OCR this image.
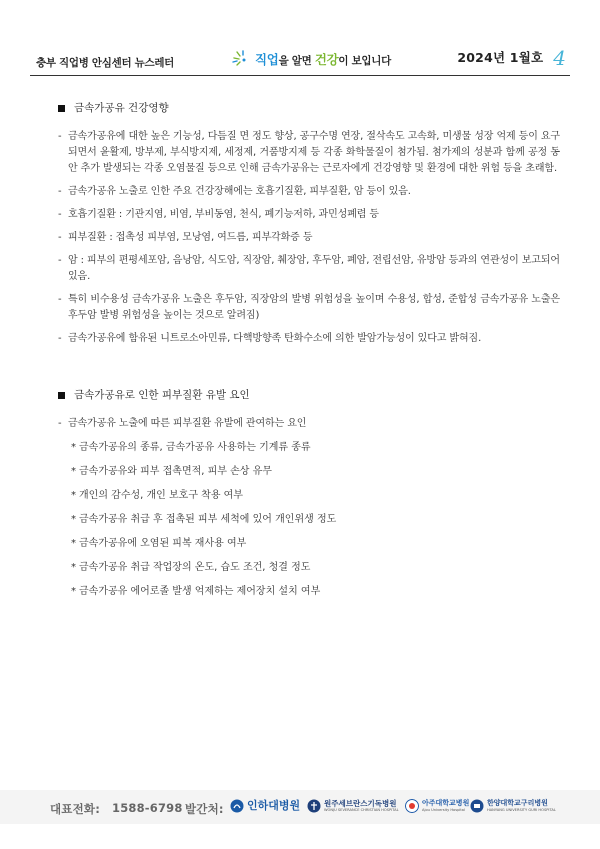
충부 직업병 안심센터 뉴스레터	직업을 알면 건강이 보입니다	2024년 1월호 4
금속가공유 건강영향
- 금속가공유에 대한 높은 기능성, 다듬질 면 정도 향상, 공구수명 연장, 절삭속도 고속화, 미생물 성장 억제 등이 요구되면서 윤활제, 방부제, 부식방지제, 세정제, 거품방지제 등 각종 화학물질이 첨가됨. 첨가제의 성분과 함께 공정 동안 추가 발생되는 각종 오염물질 등으로 인해 금속가공유는 근로자에게 건강영향 및 환경에 대한 위험 등을 초래함.
- 금속가공유 노출로 인한 주요 건강장해에는 호흡기질환, 피부질환, 암 등이 있음.
- 호흡기질환 : 기관지염, 비염, 부비동염, 천식, 폐기능저하, 과민성폐렴 등
- 피부질환 : 접촉성 피부염, 모낭염, 여드름, 피부각화증 등
- 암 : 피부의 편평세포암, 음낭암, 식도암, 직장암, 췌장암, 후두암, 폐암, 전립선암, 유방암 등과의 연관성이 보고되어 있음.
- 특히 비수용성 금속가공유 노출은 후두암, 직장암의 발병 위험성을 높이며 수용성, 합성, 준합성 금속가공유 노출은 후두암 발병 위험성을 높이는 것으로 알려짐)
- 금속가공유에 함유된 니트로소아민류, 다핵방향족 탄화수소에 의한 발암가능성이 있다고 밝혀짐.
금속가공유로 인한 피부질환 유발 요인
- 금속가공유 노출에 따른 피부질환 유발에 관여하는 요인
* 금속가공유의 종류, 금속가공유 사용하는 기계류 종류
* 금속가공유와 피부 접촉면적, 피부 손상 유무
* 개인의 감수성, 개인 보호구 착용 여부
* 금속가공유 취급 후 접촉된 피부 세척에 있어 개인위생 정도
* 금속가공유에 오염된 피복 재사용 여부
* 금속가공유 취급 작업장의 온도, 습도 조건, 청결 정도
* 금속가공유 에어로졸 발생 억제하는 제어장치 설치 여부
대표전화: 1588-6798 발간처: 인하대병원	원주세브란스기독병원
WONJU SEVERANCE CHRISTIAN HOSPITAL
아주대학교병원
Ajou University Hospital
한양대학교구리병원
HANYANG UNIVERSITY GURI HOSPITAL
